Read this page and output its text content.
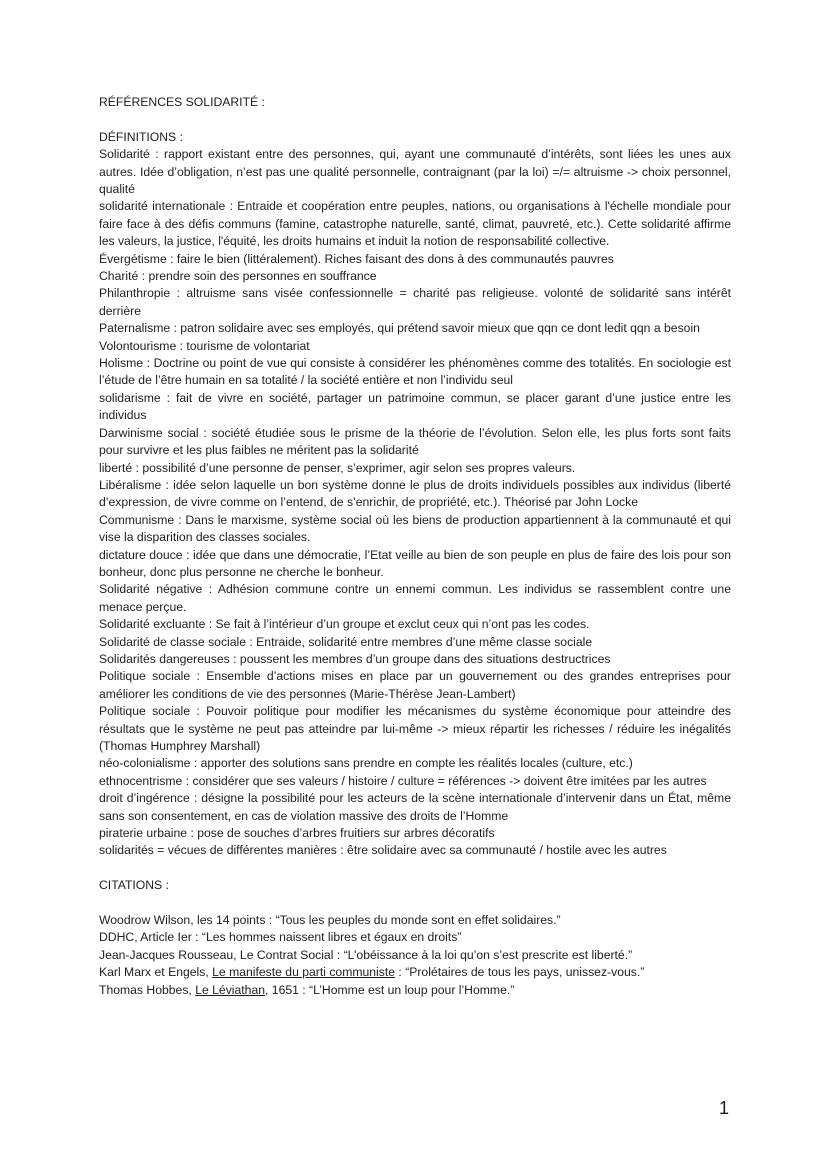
RÉFÉRENCES SOLIDARITÉ :

DÉFINITIONS :

Solidarité : rapport existant entre des personnes, qui, ayant une communauté d’intérêts, sont liées les unes aux autres. Idée d’obligation, n’est pas une qualité personnelle, contraignant (par la loi) =/= altruisme -> choix personnel, qualité

solidarité internationale : Entraide et coopération entre peuples, nations, ou organisations à l'échelle mondiale pour faire face à des défis communs (famine, catastrophe naturelle, santé, climat, pauvreté, etc.). Cette solidarité affirme les valeurs, la justice, l'équité, les droits humains et induit la notion de responsabilité collective.

Évergétisme : faire le bien (littéralement). Riches faisant des dons à des communautés pauvres

Charité : prendre soin des personnes en souffrance

Philanthropie : altruisme sans visée confessionnelle = charité pas religieuse. volonté de solidarité sans intérêt derrière

Paternalisme : patron solidaire avec ses employés, qui prétend savoir mieux que qqn ce dont ledit qqn a besoin

Volontourisme : tourisme de volontariat

Holisme : Doctrine ou point de vue qui consiste à considérer les phénomènes comme des totalités. En sociologie est l’étude de l’être humain en sa totalité / la société entière et non l’individu seul

solidarisme : fait de vivre en société, partager un patrimoine commun, se placer garant d’une justice entre les individus

Darwinisme social : société étudiée sous le prisme de la théorie de l’évolution. Selon elle, les plus forts sont faits pour survivre et les plus faibles ne méritent pas la solidarité

liberté : possibilité d’une personne de penser, s’exprimer, agir selon ses propres valeurs.

Libéralisme : idée selon laquelle un bon système donne le plus de droits individuels possibles aux individus (liberté d’expression, de vivre comme on l’entend, de s’enrichir, de propriété, etc.). Théorisé par John Locke

Communisme : Dans le marxisme, système social où les biens de production appartiennent à la communauté et qui vise la disparition des classes sociales.

dictature douce : idée que dans une démocratie, l’Etat veille au bien de son peuple en plus de faire des lois pour son bonheur, donc plus personne ne cherche le bonheur.

Solidarité négative : Adhésion commune contre un ennemi commun. Les individus se rassemblent contre une menace perçue.

Solidarité excluante : Se fait à l’intérieur d’un groupe et exclut ceux qui n’ont pas les codes.

Solidarité de classe sociale : Entraide, solidarité entre membres d’une même classe sociale

Solidarités dangereuses : poussent les membres d’un groupe dans des situations destructrices

Politique sociale : Ensemble d’actions mises en place par un gouvernement ou des grandes entreprises pour améliorer les conditions de vie des personnes (Marie-Thérèse Jean-Lambert)

Politique sociale : Pouvoir politique pour modifier les mécanismes du système économique pour atteindre des résultats que le système ne peut pas atteindre par lui-même -> mieux répartir les richesses / réduire les inégalités (Thomas Humphrey Marshall)

néo-colonialisme : apporter des solutions sans prendre en compte les réalités locales (culture, etc.)

ethnocentrisme : considérer que ses valeurs / histoire / culture = références -> doivent être imitées par les autres

droit d’ingérence : désigne la possibilité pour les acteurs de la scène internationale d’intervenir dans un État, même sans son consentement, en cas de violation massive des droits de l’Homme

piraterie urbaine : pose de souches d’arbres fruitiers sur arbres décoratifs

solidarités = vécues de différentes manières : être solidaire avec sa communauté / hostile avec les autres

CITATIONS :

Woodrow Wilson, les 14 points : “Tous les peuples du monde sont en effet solidaires.”

DDHC, Article Ier : “Les hommes naissent libres et égaux en droits”

Jean-Jacques Rousseau, Le Contrat Social : “L’obéissance à la loi qu’on s’est prescrite est liberté.”

Karl Marx et Engels, Le manifeste du parti communiste : “Prolétaires de tous les pays, unissez-vous.”

Thomas Hobbes, Le Léviathan, 1651 : “L’Homme est un loup pour l’Homme.”

1
